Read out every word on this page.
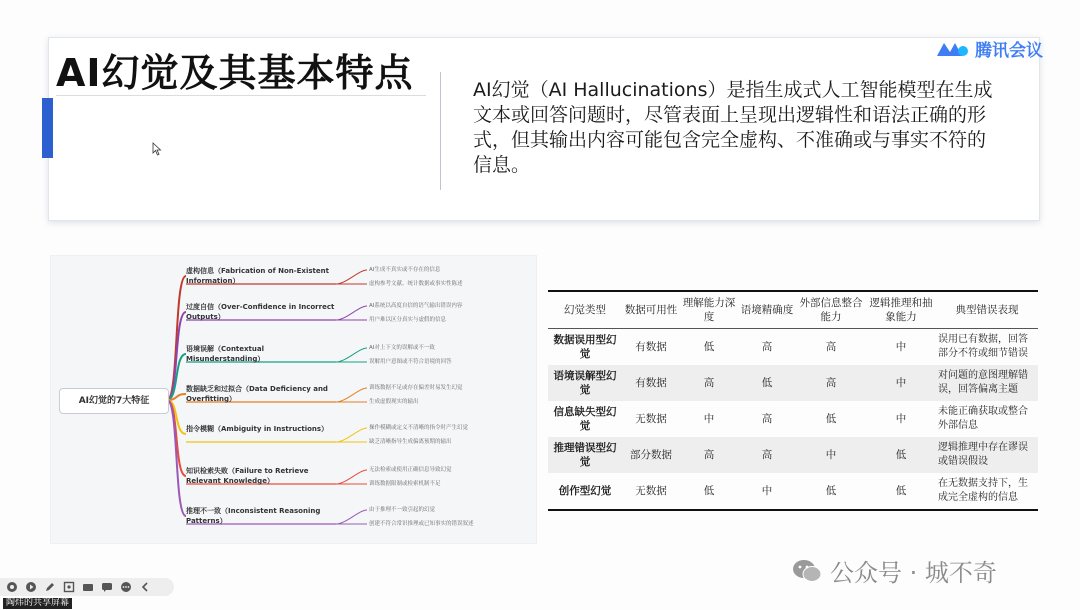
AI幻觉及其基本特点	AI幻觉（AI Hallucinations）是指生成式人工智能模型在生成文本或回答问题时，尽管表面上呈现出逻辑性和语法正确的形式，但其输出内容可能包含完全虚构、不准确或与事实不符的信息。
腾讯会议
AI幻觉的7大特征
虚构信息（Fabrication of Non-Existent Information）
AI生成不真实或不存在的信息
虚构参考文献、统计数据或事实性陈述
过度自信（Over-Confidence in Incorrect Outputs）
AI系统以高度自信的语气输出错误内容
用户难以区分真实与虚假的信息
语境误解（Contextual Misunderstanding）
AI对上下文的误解或不一致
误解用户意图或不符合语境的回答
数据缺乏和过拟合（Data Deficiency and Overfitting）
训练数据不足或存在偏差时易发生幻觉
生成虚假现实的输出
指令模糊（Ambiguity in Instructions）	操作模糊或定义不清晰的指令时产生幻觉
缺乏清晰指导生成偏离预期的输出
知识检索失败（Failure to Retrieve Relevant Knowledge）
无法检索或使用正确信息导致幻觉
训练数据限制或检索机制不足
推理不一致（Inconsistent Reasoning Patterns）
由于推理不一致引起的幻觉
创建不符合常识推理或已知事实的错误叙述
幻觉类型	数据可用性	理解能力深度	语境精确度	外部信息整合能力	逻辑推理和抽象能力	典型错误表现
数据误用型幻觉	有数据	低	高	高	中	误用已有数据，回答部分不符或细节错误
语境误解型幻觉	有数据	高	低	高	中	对问题的意图理解错误，回答偏离主题
信息缺失型幻觉	无数据	中	高	低	中	未能正确获取或整合外部信息
推理错误型幻觉	部分数据	高	高	中	低	逻辑推理中存在谬误或错误假设
创作型幻觉	无数据	低	中	低	低	在无数据支持下，生成完全虚构的信息
公众号 · 城不奇
陶炜的共享屏幕
